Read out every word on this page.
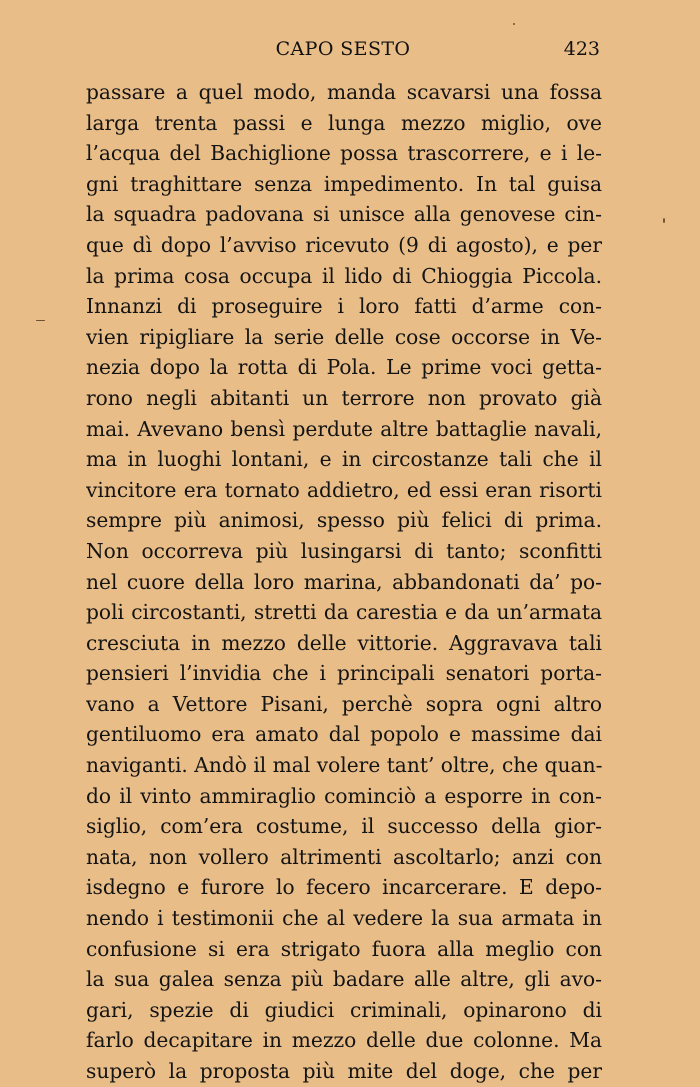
CAPO SESTO	423
passare a quel modo, manda scavarsi una fossa
larga trenta passi e lunga mezzo miglio, ove
l’acqua del Bachiglione possa trascorrere, e i le-
gni traghittare senza impedimento. In tal guisa
la squadra padovana si unisce alla genovese cin-
que dì dopo l’avviso ricevuto (9 di agosto), e per
la prima cosa occupa il lido di Chioggia Piccola.
Innanzi di proseguire i loro fatti d’arme con-
vien ripigliare la serie delle cose occorse in Ve-
nezia dopo la rotta di Pola. Le prime voci getta-
rono negli abitanti un terrore non provato già
mai. Avevano bensì perdute altre battaglie navali,
ma in luoghi lontani, e in circostanze tali che il
vincitore era tornato addietro, ed essi eran risorti
sempre più animosi, spesso più felici di prima.
Non occorreva più lusingarsi di tanto; sconfitti
nel cuore della loro marina, abbandonati da’ po-
poli circostanti, stretti da carestia e da un’armata
cresciuta in mezzo delle vittorie. Aggravava tali
pensieri l’invidia che i principali senatori porta-
vano a Vettore Pisani, perchè sopra ogni altro
gentiluomo era amato dal popolo e massime dai
naviganti. Andò il mal volere tant’ oltre, che quan-
do il vinto ammiraglio cominciò a esporre in con-
siglio, com’era costume, il successo della gior-
nata, non vollero altrimenti ascoltarlo; anzi con
isdegno e furore lo fecero incarcerare. E depo-
nendo i testimonii che al vedere la sua armata in
confusione si era strigato fuora alla meglio con
la sua galea senza più badare alle altre, gli avo-
gari, spezie di giudici criminali, opinarono di
farlo decapitare in mezzo delle due colonne. Ma
superò la proposta più mite del doge, che per
